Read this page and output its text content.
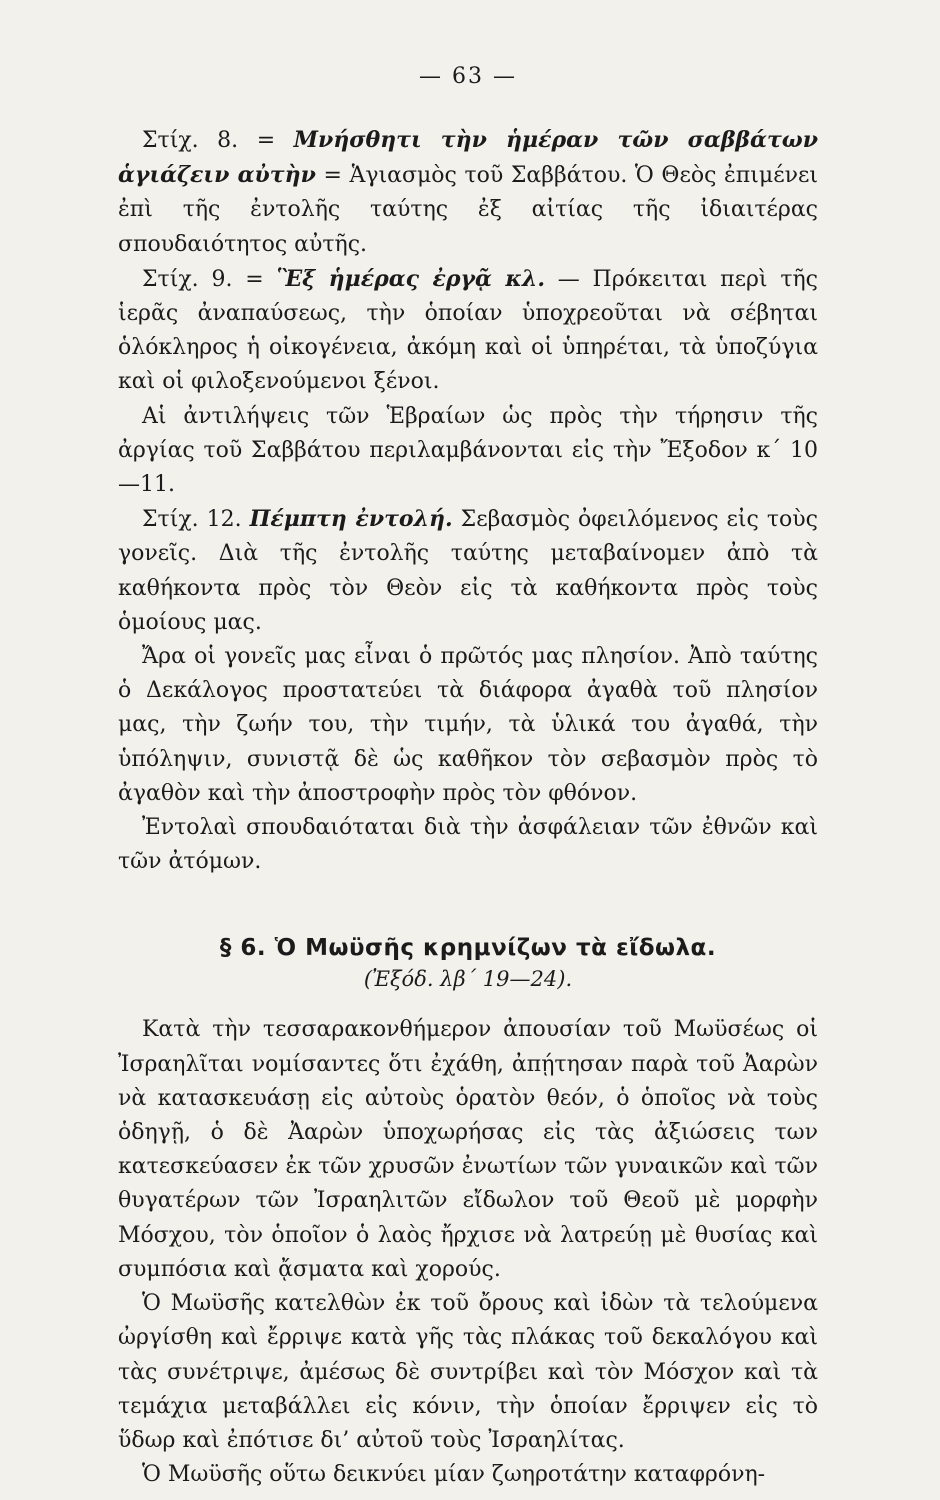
— 63 —

Στίχ. 8. = Μνήσθητι τὴν ἡμέραν τῶν σαββάτων ἁγιάζειν αὐτὴν = Ἁγιασμὸς τοῦ Σαββάτου. Ὁ Θεὸς ἐπιμένει ἐπὶ τῆς ἐντολῆς ταύτης ἐξ αἰτίας τῆς ἰδιαιτέρας σπουδαιότητος αὐτῆς.

Στίχ. 9. = Ἓξ ἡμέρας ἐργᾷ κλ. — Πρόκειται περὶ τῆς ἱερᾶς ἀναπαύσεως, τὴν ὁποίαν ὑποχρεοῦται νὰ σέβηται ὁλόκληρος ἡ οἰκογένεια, ἀκόμη καὶ οἱ ὑπηρέται, τὰ ὑποζύγια καὶ οἱ φιλοξενούμενοι ξένοι.

Αἱ ἀντιλήψεις τῶν Ἑβραίων ὡς πρὸς τὴν τήρησιν τῆς ἀργίας τοῦ Σαββάτου περιλαμβάνονται εἰς τὴν Ἔξοδον κ΄ 10—11.

Στίχ. 12. Πέμπτη ἐντολή. Σεβασμὸς ὀφειλόμενος εἰς τοὺς γονεῖς. Διὰ τῆς ἐντολῆς ταύτης μεταβαίνομεν ἀπὸ τὰ καθήκοντα πρὸς τὸν Θεὸν εἰς τὰ καθήκοντα πρὸς τοὺς ὁμοίους μας.

Ἄρα οἱ γονεῖς μας εἶναι ὁ πρῶτός μας πλησίον. Ἀπὸ ταύτης ὁ Δεκάλογος προστατεύει τὰ διάφορα ἀγαθὰ τοῦ πλησίον μας, τὴν ζωήν του, τὴν τιμήν, τὰ ὑλικά του ἀγαθά, τὴν ὑπόληψιν, συνιστᾷ δὲ ὡς καθῆκον τὸν σεβασμὸν πρὸς τὸ ἀγαθὸν καὶ τὴν ἀποστροφὴν πρὸς τὸν φθόνον.

Ἐντολαὶ σπουδαιόταται διὰ τὴν ἀσφάλειαν τῶν ἐθνῶν καὶ τῶν ἀτόμων.

§ 6. Ὁ Μωϋσῆς κρημνίζων τὰ εἴδωλα.
(Ἐξόδ. λβ΄ 19—24).

Κατὰ τὴν τεσσαρακονθήμερον ἀπουσίαν τοῦ Μωϋσέως οἱ Ἰσραηλῖται νομίσαντες ὅτι ἐχάθη, ἀπῄτησαν παρὰ τοῦ Ἀαρὼν νὰ κατασκευάσῃ εἰς αὐτοὺς ὁρατὸν θεόν, ὁ ὁποῖος νὰ τοὺς ὁδηγῇ, ὁ δὲ Ἀαρὼν ὑποχωρήσας εἰς τὰς ἀξιώσεις των κατεσκεύασεν ἐκ τῶν χρυσῶν ἐνωτίων τῶν γυναικῶν καὶ τῶν θυγατέρων τῶν Ἰσραηλιτῶν εἴδωλον τοῦ Θεοῦ μὲ μορφὴν Μόσχου, τὸν ὁποῖον ὁ λαὸς ἤρχισε νὰ λατρεύῃ μὲ θυσίας καὶ συμπόσια καὶ ᾄσματα καὶ χορούς.

Ὁ Μωϋσῆς κατελθὼν ἐκ τοῦ ὄρους καὶ ἰδὼν τὰ τελούμενα ὠργίσθη καὶ ἔρριψε κατὰ γῆς τὰς πλάκας τοῦ δεκαλόγου καὶ τὰς συνέτριψε, ἀμέσως δὲ συντρίβει καὶ τὸν Μόσχον καὶ τὰ τεμάχια μεταβάλλει εἰς κόνιν, τὴν ὁποίαν ἔρριψεν εἰς τὸ ὕδωρ καὶ ἐπότισε δι’ αὐτοῦ τοὺς Ἰσραηλίτας.

Ὁ Μωϋσῆς οὕτω δεικνύει μίαν ζωηροτάτην καταφρόνη-
